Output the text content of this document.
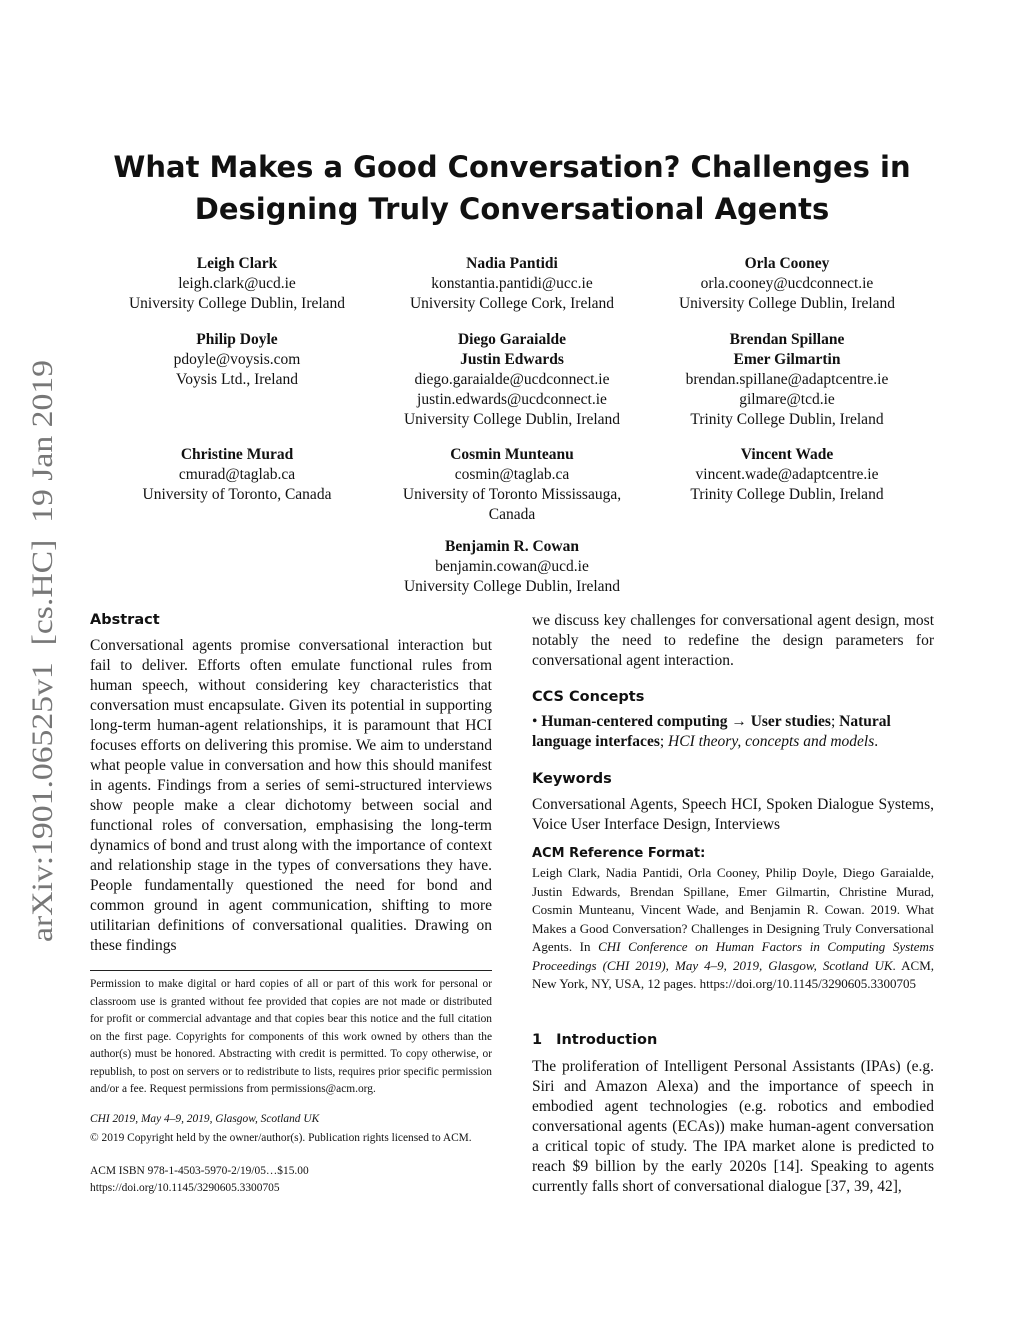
arXiv:1901.06525v1  [cs.HC]  19 Jan 2019
What Makes a Good Conversation? Challenges in Designing Truly Conversational Agents
Leigh Clark
leigh.clark@ucd.ie
University College Dublin, Ireland
Nadia Pantidi
konstantia.pantidi@ucc.ie
University College Cork, Ireland
Orla Cooney
orla.cooney@ucdconnect.ie
University College Dublin, Ireland
Philip Doyle
pdoyle@voysis.com
Voysis Ltd., Ireland
Diego Garaialde
Justin Edwards
diego.garaialde@ucdconnect.ie
justin.edwards@ucdconnect.ie
University College Dublin, Ireland
Brendan Spillane
Emer Gilmartin
brendan.spillane@adaptcentre.ie
gilmare@tcd.ie
Trinity College Dublin, Ireland
Christine Murad
cmurad@taglab.ca
University of Toronto, Canada
Cosmin Munteanu
cosmin@taglab.ca
University of Toronto Mississauga,
Canada
Vincent Wade
vincent.wade@adaptcentre.ie
Trinity College Dublin, Ireland
Benjamin R. Cowan
benjamin.cowan@ucd.ie
University College Dublin, Ireland
Abstract

Conversational agents promise conversational interaction but fail to deliver. Efforts often emulate functional rules from human speech, without considering key characteristics that conversation must encapsulate. Given its potential in supporting long-term human-agent relationships, it is paramount that HCI focuses efforts on delivering this promise. We aim to understand what people value in conversation and how this should manifest in agents. Findings from a series of semi-structured interviews show people make a clear dichotomy between social and functional roles of conversation, emphasising the long-term dynamics of bond and trust along with the importance of context and relationship stage in the types of conversations they have. People fundamentally questioned the need for bond and common ground in agent communication, shifting to more utilitarian definitions of conversational qualities. Drawing on these findings

Permission to make digital or hard copies of all or part of this work for personal or classroom use is granted without fee provided that copies are not made or distributed for profit or commercial advantage and that copies bear this notice and the full citation on the first page. Copyrights for components of this work owned by others than the author(s) must be honored. Abstracting with credit is permitted. To copy otherwise, or republish, to post on servers or to redistribute to lists, requires prior specific permission and/or a fee. Request permissions from permissions@acm.org.

CHI 2019, May 4–9, 2019, Glasgow, Scotland UK

© 2019 Copyright held by the owner/author(s). Publication rights licensed to ACM.

ACM ISBN 978-1-4503-5970-2/19/05…$15.00

https://doi.org/10.1145/3290605.3300705

we discuss key challenges for conversational agent design, most notably the need to redefine the design parameters for conversational agent interaction.

CCS Concepts

• Human-centered computing → User studies; Natural language interfaces; HCI theory, concepts and models.

Keywords

Conversational Agents, Speech HCI, Spoken Dialogue Systems, Voice User Interface Design, Interviews

ACM Reference Format:

Leigh Clark, Nadia Pantidi, Orla Cooney, Philip Doyle, Diego Garaialde, Justin Edwards, Brendan Spillane, Emer Gilmartin, Christine Murad, Cosmin Munteanu, Vincent Wade, and Benjamin R. Cowan. 2019. What Makes a Good Conversation? Challenges in Designing Truly Conversational Agents. In CHI Conference on Human Factors in Computing Systems Proceedings (CHI 2019), May 4–9, 2019, Glasgow, Scotland UK. ACM, New York, NY, USA, 12 pages. https://doi.org/10.1145/3290605.3300705

1 Introduction

The proliferation of Intelligent Personal Assistants (IPAs) (e.g. Siri and Amazon Alexa) and the importance of speech in embodied agent technologies (e.g. robotics and embodied conversational agents (ECAs)) make human-agent conversation a critical topic of study. The IPA market alone is predicted to reach $9 billion by the early 2020s [14]. Speaking to agents currently falls short of conversational dialogue [37, 39, 42],
